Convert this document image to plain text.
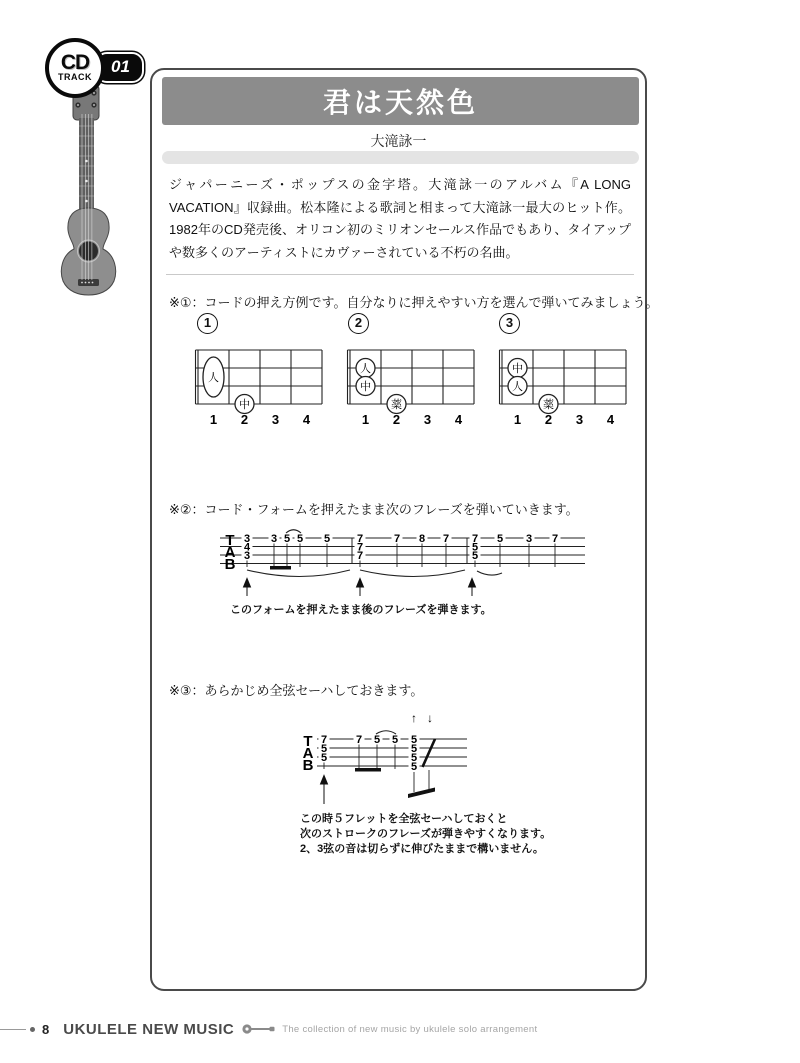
01
CD
TRACK
君は天然色
大滝詠一

ジャパーニーズ・ポップスの金字塔。大滝詠一のアルバム『A LONG VACATION』収録曲。松本隆による歌詞と相まって大滝詠一最大のヒット作。1982年のCD発売後、オリコン初のミリオンセールス作品でもあり、タイアップや数多くのアーティストにカヴァーされている不朽の名曲。

※①：コードの押え方例です。自分なりに押えやすい方を選んで弾いてみましょう。
1	2	3
人
中
1 2 3 4
人
中
薬
1 2 3 4
中
人
薬
1 2 3 4
※②：コード・フォームを押えたまま次のフレーズを弾いていきます。
T
A
B
3
4
3
3 5 5 5 7
7
7
7 8 7 7
5
5
5 3 7
このフォームを押えたまま後のフレーズを弾きます。
※③：あらかじめ全弦セーハしておきます。
↑ ↓
T
A
B
7
5
5
7 5 5 5
5
5
5
この時５フレットを全弦セーハしておくと
次のストロークのフレーズが弾きやすくなります。
2、3弦の音は切らずに伸びたままで構いません。
8 UKULELE NEW MUSIC	The collection of new music by ukulele solo arrangement
